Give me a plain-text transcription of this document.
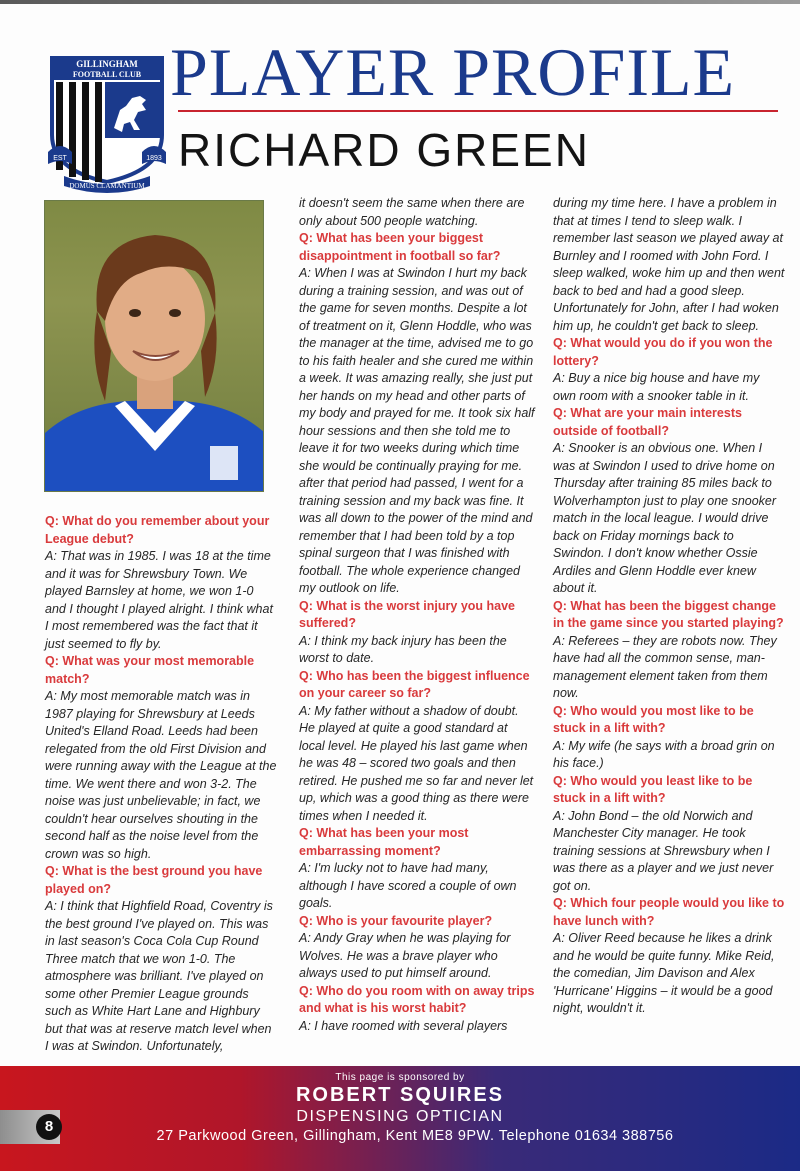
GILLINGHAM
FOOTBALL CLUB
EST	1893
DOMUS CLAMANTIUM
PLAYER PROFILE
RICHARD GREEN

Q: What do you remember about your League debut?

A: That was in 1985. I was 18 at the time and it was for Shrewsbury Town. We played Barnsley at home, we won 1-0 and I thought I played alright. I think what I most remembered was the fact that it just seemed to fly by.

Q: What was your most memorable match?

A: My most memorable match was in 1987 playing for Shrewsbury at Leeds United's Elland Road. Leeds had been relegated from the old First Division and were running away with the League at the time. We went there and won 3-2. The noise was just unbelievable; in fact, we couldn't hear ourselves shouting in the second half as the noise level from the crown was so high.

Q: What is the best ground you have played on?

A: I think that Highfield Road, Coventry is the best ground I've played on. This was in last season's Coca Cola Cup Round Three match that we won 1-0. The atmosphere was brilliant. I've played on some other Premier League grounds such as White Hart Lane and Highbury but that was at reserve match level when I was at Swindon. Unfortunately,

it doesn't seem the same when there are only about 500 people watching.

Q: What has been your biggest disappointment in football so far?

A: When I was at Swindon I hurt my back during a training session, and was out of the game for seven months. Despite a lot of treatment on it, Glenn Hoddle, who was the manager at the time, advised me to go to his faith healer and she cured me within a week. It was amazing really, she just put her hands on my head and other parts of my body and prayed for me. It took six half hour sessions and then she told me to leave it for two weeks during which time she would be continually praying for me. after that period had passed, I went for a training session and my back was fine. It was all down to the power of the mind and remember that I had been told by a top spinal surgeon that I was finished with football. The whole experience changed my outlook on life.

Q: What is the worst injury you have suffered?

A: I think my back injury has been the worst to date.

Q: Who has been the biggest influence on your career so far?

A: My father without a shadow of doubt. He played at quite a good standard at local level. He played his last game when he was 48 – scored two goals and then retired. He pushed me so far and never let up, which was a good thing as there were times when I needed it.

Q: What has been your most embarrassing moment?

A: I'm lucky not to have had many, although I have scored a couple of own goals.

Q: Who is your favourite player?

A: Andy Gray when he was playing for Wolves. He was a brave player who always used to put himself around.

Q: Who do you room with on away trips and what is his worst habit?

A: I have roomed with several players

during my time here. I have a problem in that at times I tend to sleep walk. I remember last season we played away at Burnley and I roomed with John Ford. I sleep walked, woke him up and then went back to bed and had a good sleep. Unfortunately for John, after I had woken him up, he couldn't get back to sleep.

Q: What would you do if you won the lottery?

A: Buy a nice big house and have my own room with a snooker table in it.

Q: What are your main interests outside of football?

A: Snooker is an obvious one. When I was at Swindon I used to drive home on Thursday after training 85 miles back to Wolverhampton just to play one snooker match in the local league. I would drive back on Friday mornings back to Swindon. I don't know whether Ossie Ardiles and Glenn Hoddle ever knew about it.

Q: What has been the biggest change in the game since you started playing?

A: Referees – they are robots now. They have had all the common sense, man-management element taken from them now.

Q: Who would you most like to be stuck in a lift with?

A: My wife (he says with a broad grin on his face.)

Q: Who would you least like to be stuck in a lift with?

A: John Bond – the old Norwich and Manchester City manager. He took training sessions at Shrewsbury when I was there as a player and we just never got on.

Q: Which four people would you like to have lunch with?

A: Oliver Reed because he likes a drink and he would be quite funny. Mike Reid, the comedian, Jim Davison and Alex 'Hurricane' Higgins – it would be a good night, wouldn't it.

This page is sponsored by
ROBERT SQUIRES
DISPENSING OPTICIAN
27 Parkwood Green, Gillingham, Kent ME8 9PW. Telephone 01634 388756
8
